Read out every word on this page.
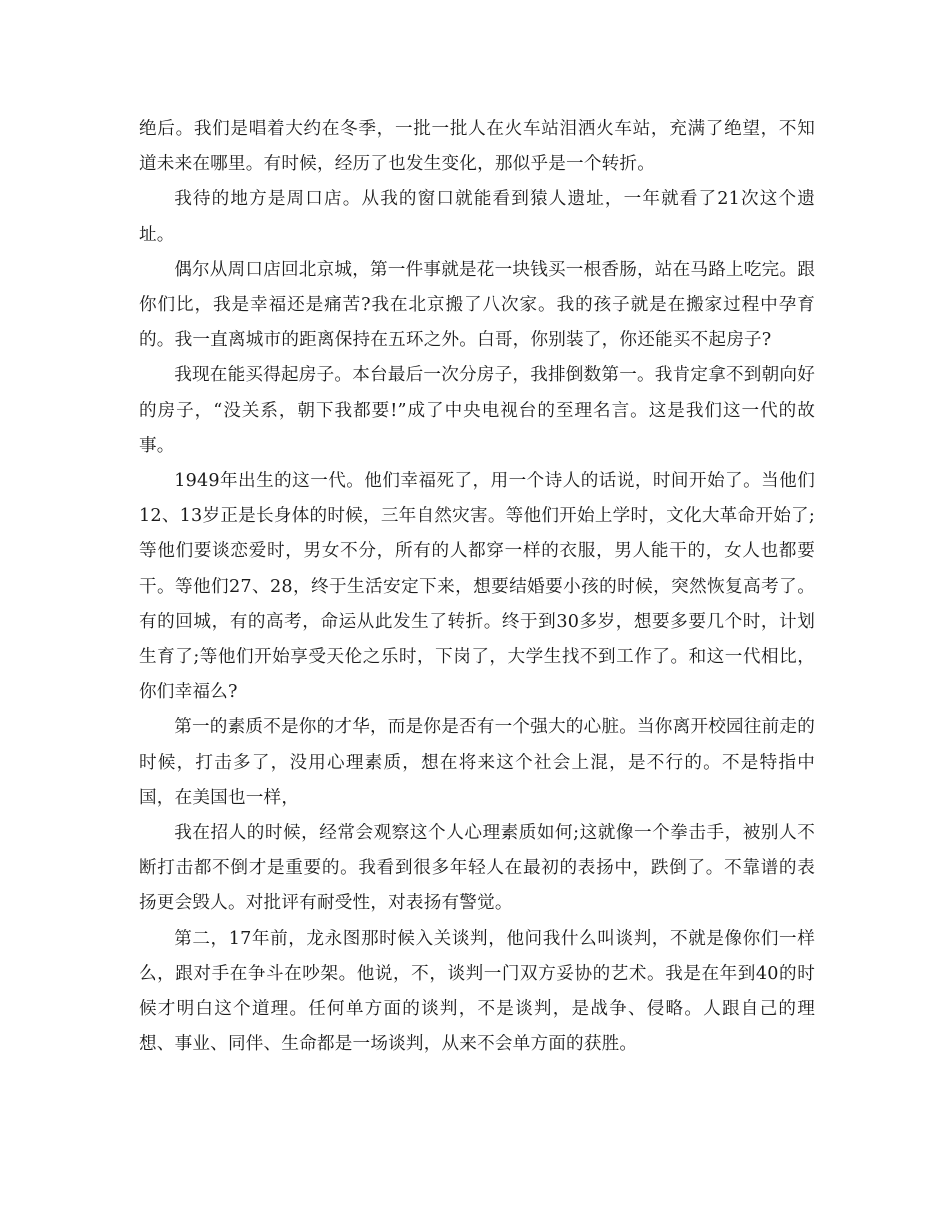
绝后。我们是唱着大约在冬季，一批一批人在火车站泪洒火车站，充满了绝望，不知道未来在哪里。有时候，经历了也发生变化，那似乎是一个转折。

我待的地方是周口店。从我的窗口就能看到猿人遗址，一年就看了21次这个遗址。

偶尔从周口店回北京城，第一件事就是花一块钱买一根香肠，站在马路上吃完。跟你们比，我是幸福还是痛苦?我在北京搬了八次家。我的孩子就是在搬家过程中孕育的。我一直离城市的距离保持在五环之外。白哥，你别装了，你还能买不起房子?

我现在能买得起房子。本台最后一次分房子，我排倒数第一。我肯定拿不到朝向好的房子，“没关系，朝下我都要!”成了中央电视台的至理名言。这是我们这一代的故事。

1949年出生的这一代。他们幸福死了，用一个诗人的话说，时间开始了。当他们12、13岁正是长身体的时候，三年自然灾害。等他们开始上学时，文化大革命开始了;等他们要谈恋爱时，男女不分，所有的人都穿一样的衣服，男人能干的，女人也都要干。等他们27、28，终于生活安定下来，想要结婚要小孩的时候，突然恢复高考了。有的回城，有的高考，命运从此发生了转折。终于到30多岁，想要多要几个时，计划生育了;等他们开始享受天伦之乐时，下岗了，大学生找不到工作了。和这一代相比，你们幸福么?

第一的素质不是你的才华，而是你是否有一个强大的心脏。当你离开校园往前走的时候，打击多了，没用心理素质，想在将来这个社会上混，是不行的。不是特指中国，在美国也一样，

我在招人的时候，经常会观察这个人心理素质如何;这就像一个拳击手，被别人不断打击都不倒才是重要的。我看到很多年轻人在最初的表扬中，跌倒了。不靠谱的表扬更会毁人。对批评有耐受性，对表扬有警觉。

第二，17年前，龙永图那时候入关谈判，他问我什么叫谈判，不就是像你们一样么，跟对手在争斗在吵架。他说，不，谈判一门双方妥协的艺术。我是在年到40的时候才明白这个道理。任何单方面的谈判，不是谈判，是战争、侵略。人跟自己的理想、事业、同伴、生命都是一场谈判，从来不会单方面的获胜。
